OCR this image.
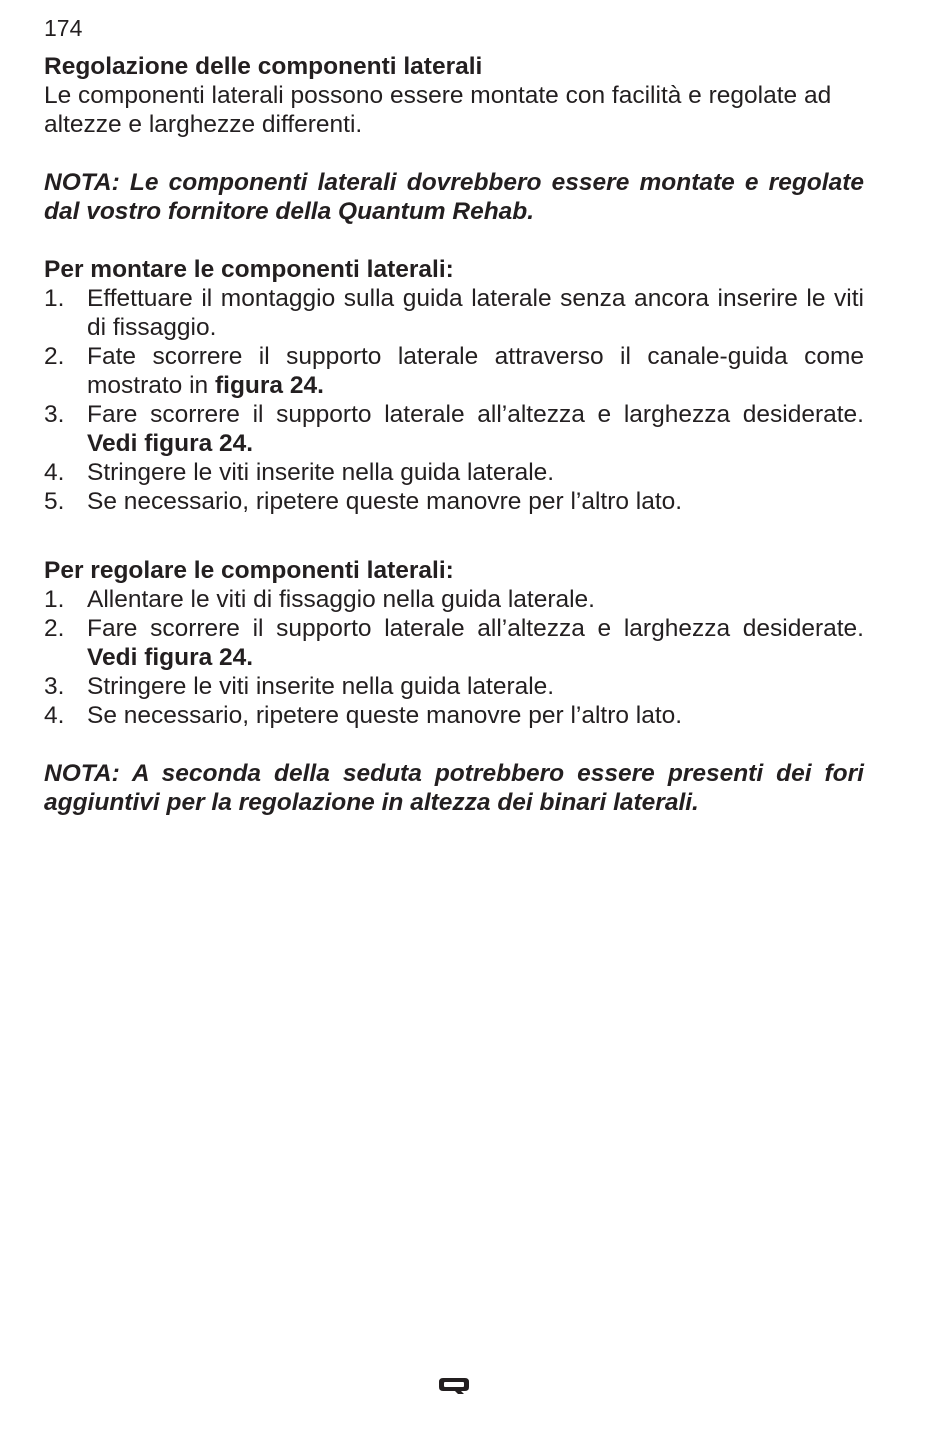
174

Regolazione delle componenti laterali

Le componenti laterali possono essere montate con facilità e regolate ad altezze e larghezze differenti.

NOTA: Le componenti laterali dovrebbero essere montate e regolate dal vostro fornitore della Quantum Rehab.

Per montare le componenti laterali:

1. Effettuare il montaggio sulla guida laterale senza ancora inserire le viti di fissaggio.
2. Fate scorrere il supporto laterale attraverso il canale-guida come mostrato in figura 24.
3. Fare scorrere il supporto laterale all’altezza e larghezza desiderate. Vedi figura 24.
4. Stringere le viti inserite nella guida laterale.
5. Se necessario, ripetere queste manovre per l’altro lato.

Per regolare le componenti laterali:

1. Allentare le viti di fissaggio nella guida laterale.
2. Fare scorrere il supporto laterale all’altezza e larghezza desiderate. Vedi figura 24.
3. Stringere le viti inserite nella guida laterale.
4. Se necessario, ripetere queste manovre per l’altro lato.

NOTA: A seconda della seduta potrebbero essere presenti dei fori aggiuntivi per la regolazione in altezza dei binari laterali.
